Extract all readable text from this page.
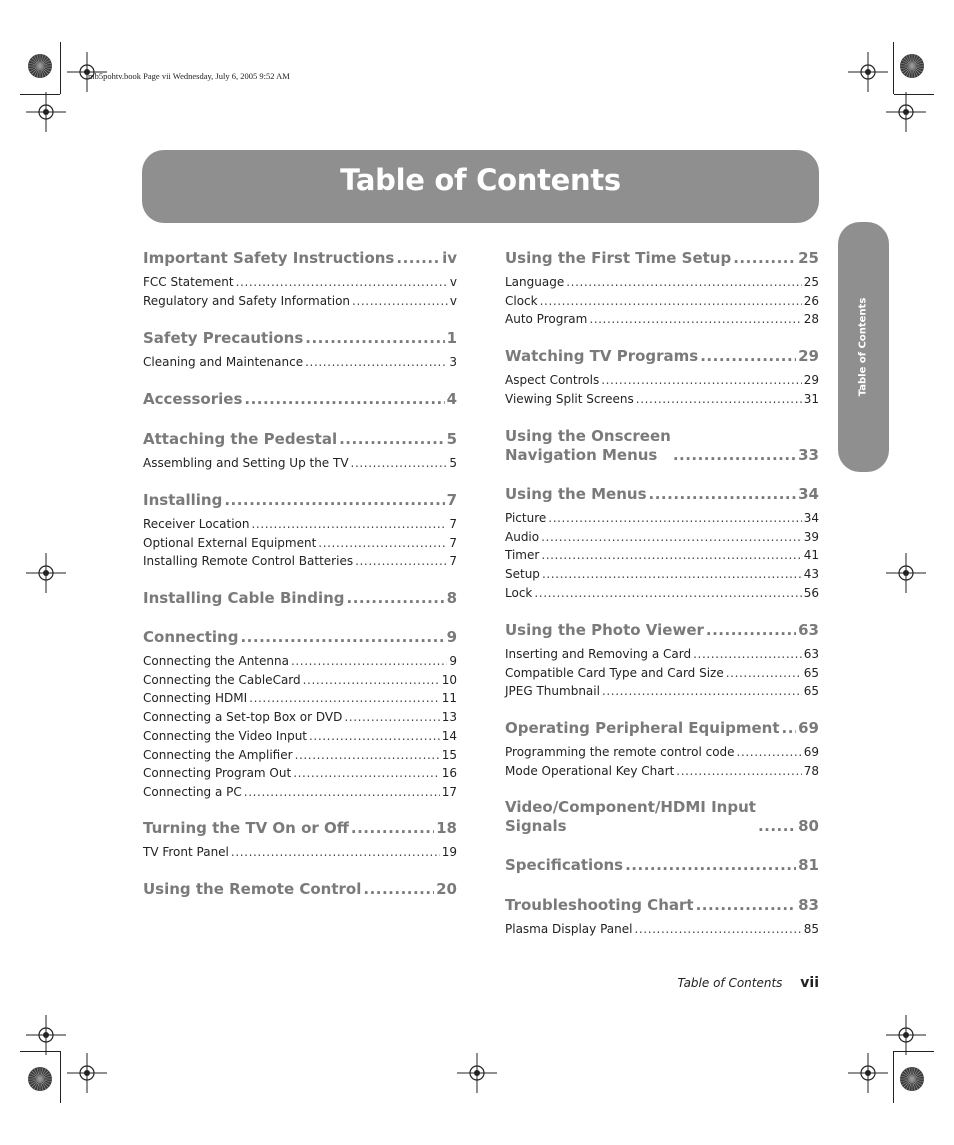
mb5pohtv.book Page vii Wednesday, July 6, 2005 9:52 AM
Table of Contents
Table of Contents
Important Safety Instructions .....	iv
FCC Statement .....	v
Regulatory and Safety Information .....	v
Safety Precautions .....	1
Cleaning and Maintenance .....	3
Accessories .....	4
Attaching the Pedestal .....	5
Assembling and Setting Up the TV .....	5
Installing .....	7
Receiver Location .....	7
Optional External Equipment .....	7
Installing Remote Control Batteries .....	7
Installing Cable Binding .....	8
Connecting .....	9
Connecting the Antenna .....	9
Connecting the CableCard .....	10
Connecting HDMI .....	11
Connecting a Set-top Box or DVD .....	13
Connecting the Video Input .....	14
Connecting the Amplifier .....	15
Connecting Program Out .....	16
Connecting a PC .....	17
Turning the TV On or Off .....	18
TV Front Panel .....	19
Using the Remote Control .....	20
Using the First Time Setup .....	25
Language .....	25
Clock .....	26
Auto Program .....	28
Watching TV Programs .....	29
Aspect Controls .....	29
Viewing Split Screens .....	31
Using the Onscreen
Navigation Menus .....	33
Using the Menus .....	34
Picture .....	34
Audio .....	39
Timer .....	41
Setup .....	43
Lock .....	56
Using the Photo Viewer .....	63
Inserting and Removing a Card .....	63
Compatible Card Type and Card Size .....	65
JPEG Thumbnail .....	65
Operating Peripheral Equipment ..... 69
Programming the remote control code .....	69
Mode Operational Key Chart .....	78
Video/Component/HDMI Input
Signals .....	80
Specifications .....	81
Troubleshooting Chart .....	83
Plasma Display Panel .....	85
Table of Contents vii
